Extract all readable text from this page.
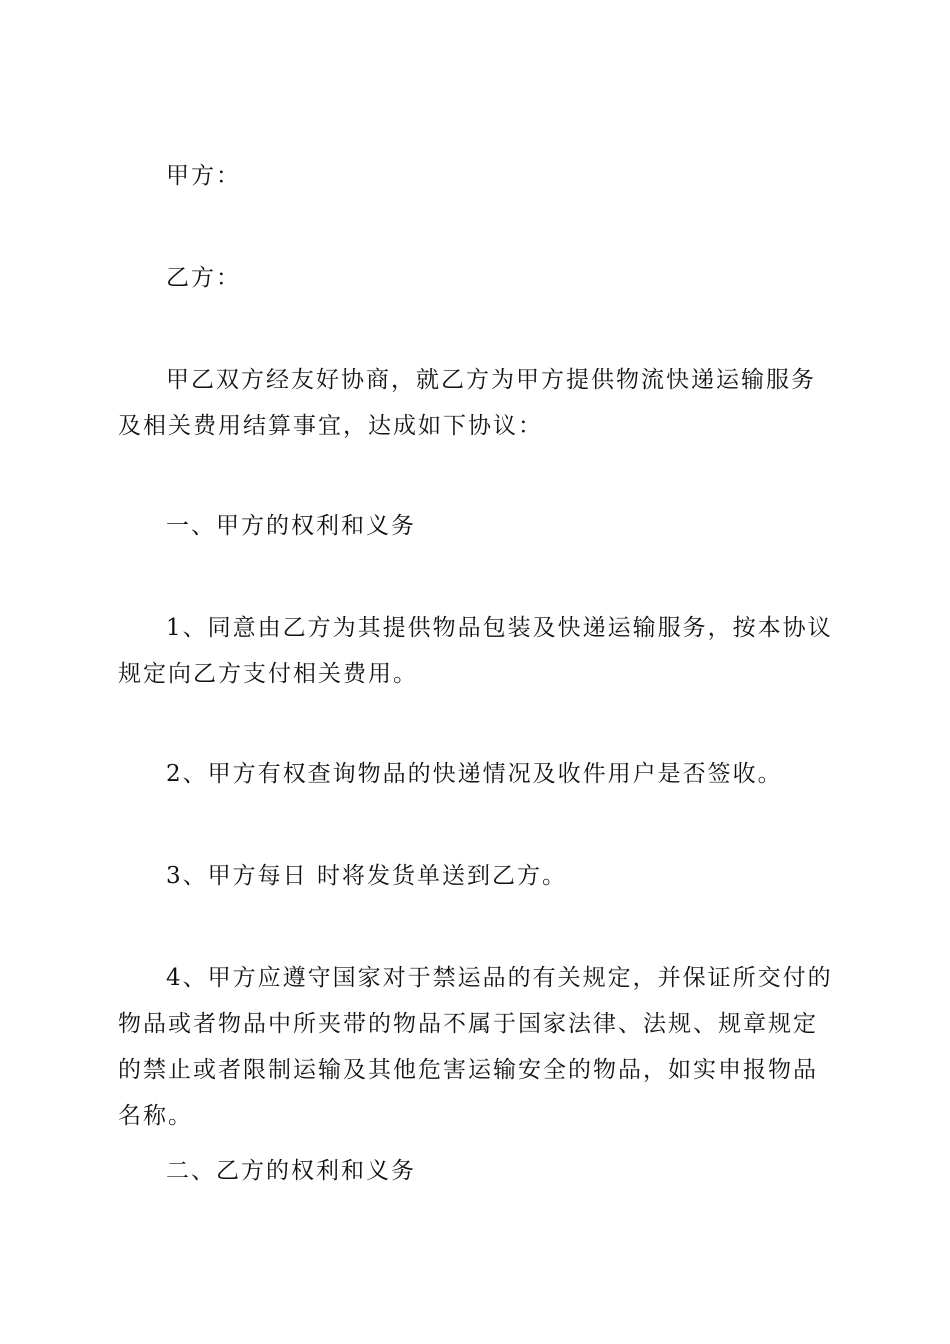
甲方：

乙方：

甲乙双方经友好协商，就乙方为甲方提供物流快递运输服务及相关费用结算事宜，达成如下协议：

一、甲方的权利和义务

1、同意由乙方为其提供物品包装及快递运输服务，按本协议规定向乙方支付相关费用。

2、甲方有权查询物品的快递情况及收件用户是否签收。

3、甲方每日 时将发货单送到乙方。

4、甲方应遵守国家对于禁运品的有关规定，并保证所交付的物品或者物品中所夹带的物品不属于国家法律、法规、规章规定的禁止或者限制运输及其他危害运输安全的物品，如实申报物品名称。

二、乙方的权利和义务
